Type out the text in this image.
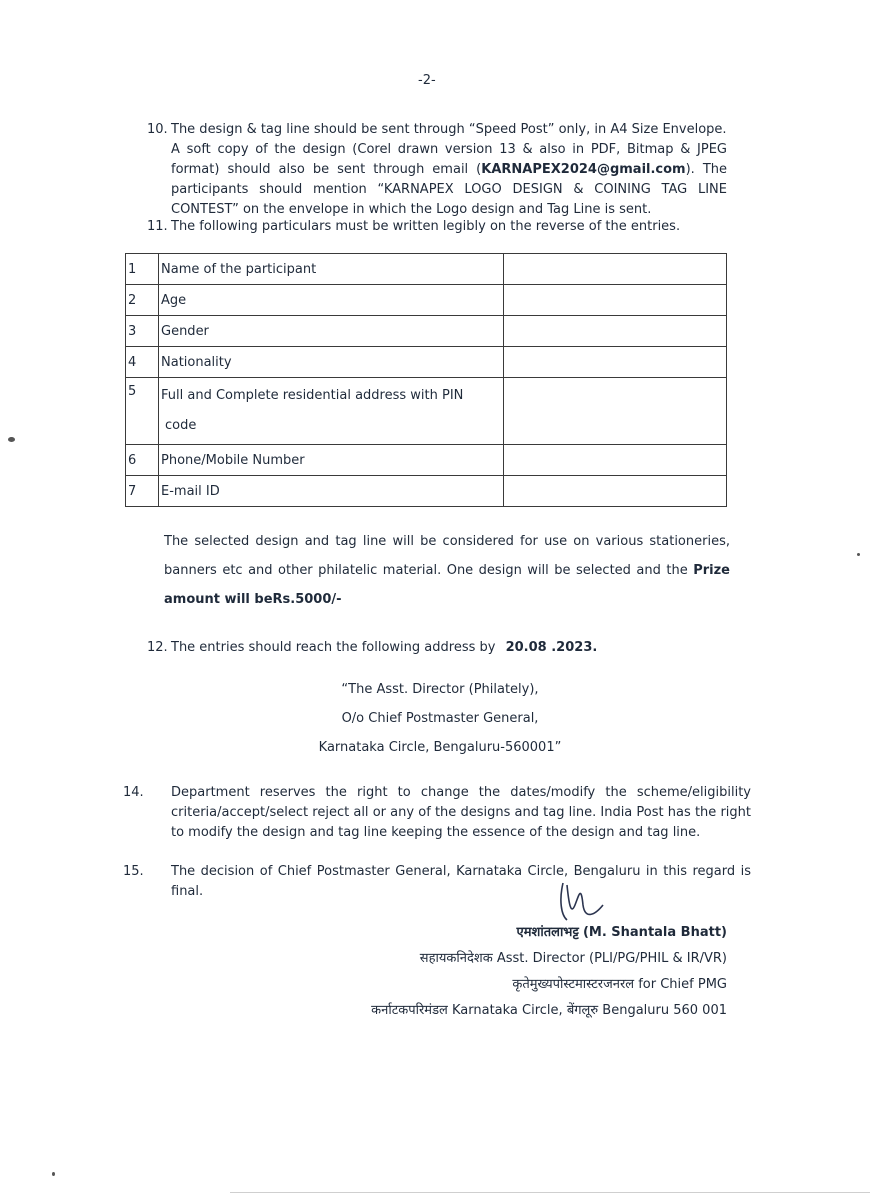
-2-
10. The design & tag line should be sent through “Speed Post” only, in A4 Size Envelope.
A soft copy of the design (Corel drawn version 13 & also in PDF, Bitmap & JPEG format) should also be sent through email (KARNAPEX2024@gmail.com). The participants should mention “KARNAPEX LOGO DESIGN & COINING TAG LINE CONTEST” on the envelope in which the Logo design and Tag Line is sent.
11. The following particulars must be written legibly on the reverse of the entries.
1	Name of the participant	
2	Age	
3	Gender	
4	Nationality	
5	Full and Complete residential address with PIN
code	

6	Phone/Mobile Number	
7	E-mail ID	
The selected design and tag line will be considered for use on various stationeries, banners etc and other philatelic material. One design will be selected and the Prize amount will beRs.5000/-
12. The entries should reach the following address by 20.08 .2023.
“The Asst. Director (Philately),
O/o Chief Postmaster General,
Karnataka Circle, Bengaluru-560001”
14. Department reserves the right to change the dates/modify the scheme/eligibility criteria/accept/select reject all or any of the designs and tag line. India Post has the right to modify the design and tag line keeping the essence of the design and tag line.
15. The decision of Chief Postmaster General, Karnataka Circle, Bengaluru in this regard is final.
एमशांतलाभट्ट (M. Shantala Bhatt)
सहायकनिदेशक Asst. Director (PLI/PG/PHIL & IR/VR)
कृतेमुख्यपोस्टमास्टरजनरल for Chief PMG
कर्नाटकपरिमंडल Karnataka Circle, बेंगलूरु Bengaluru 560 001
